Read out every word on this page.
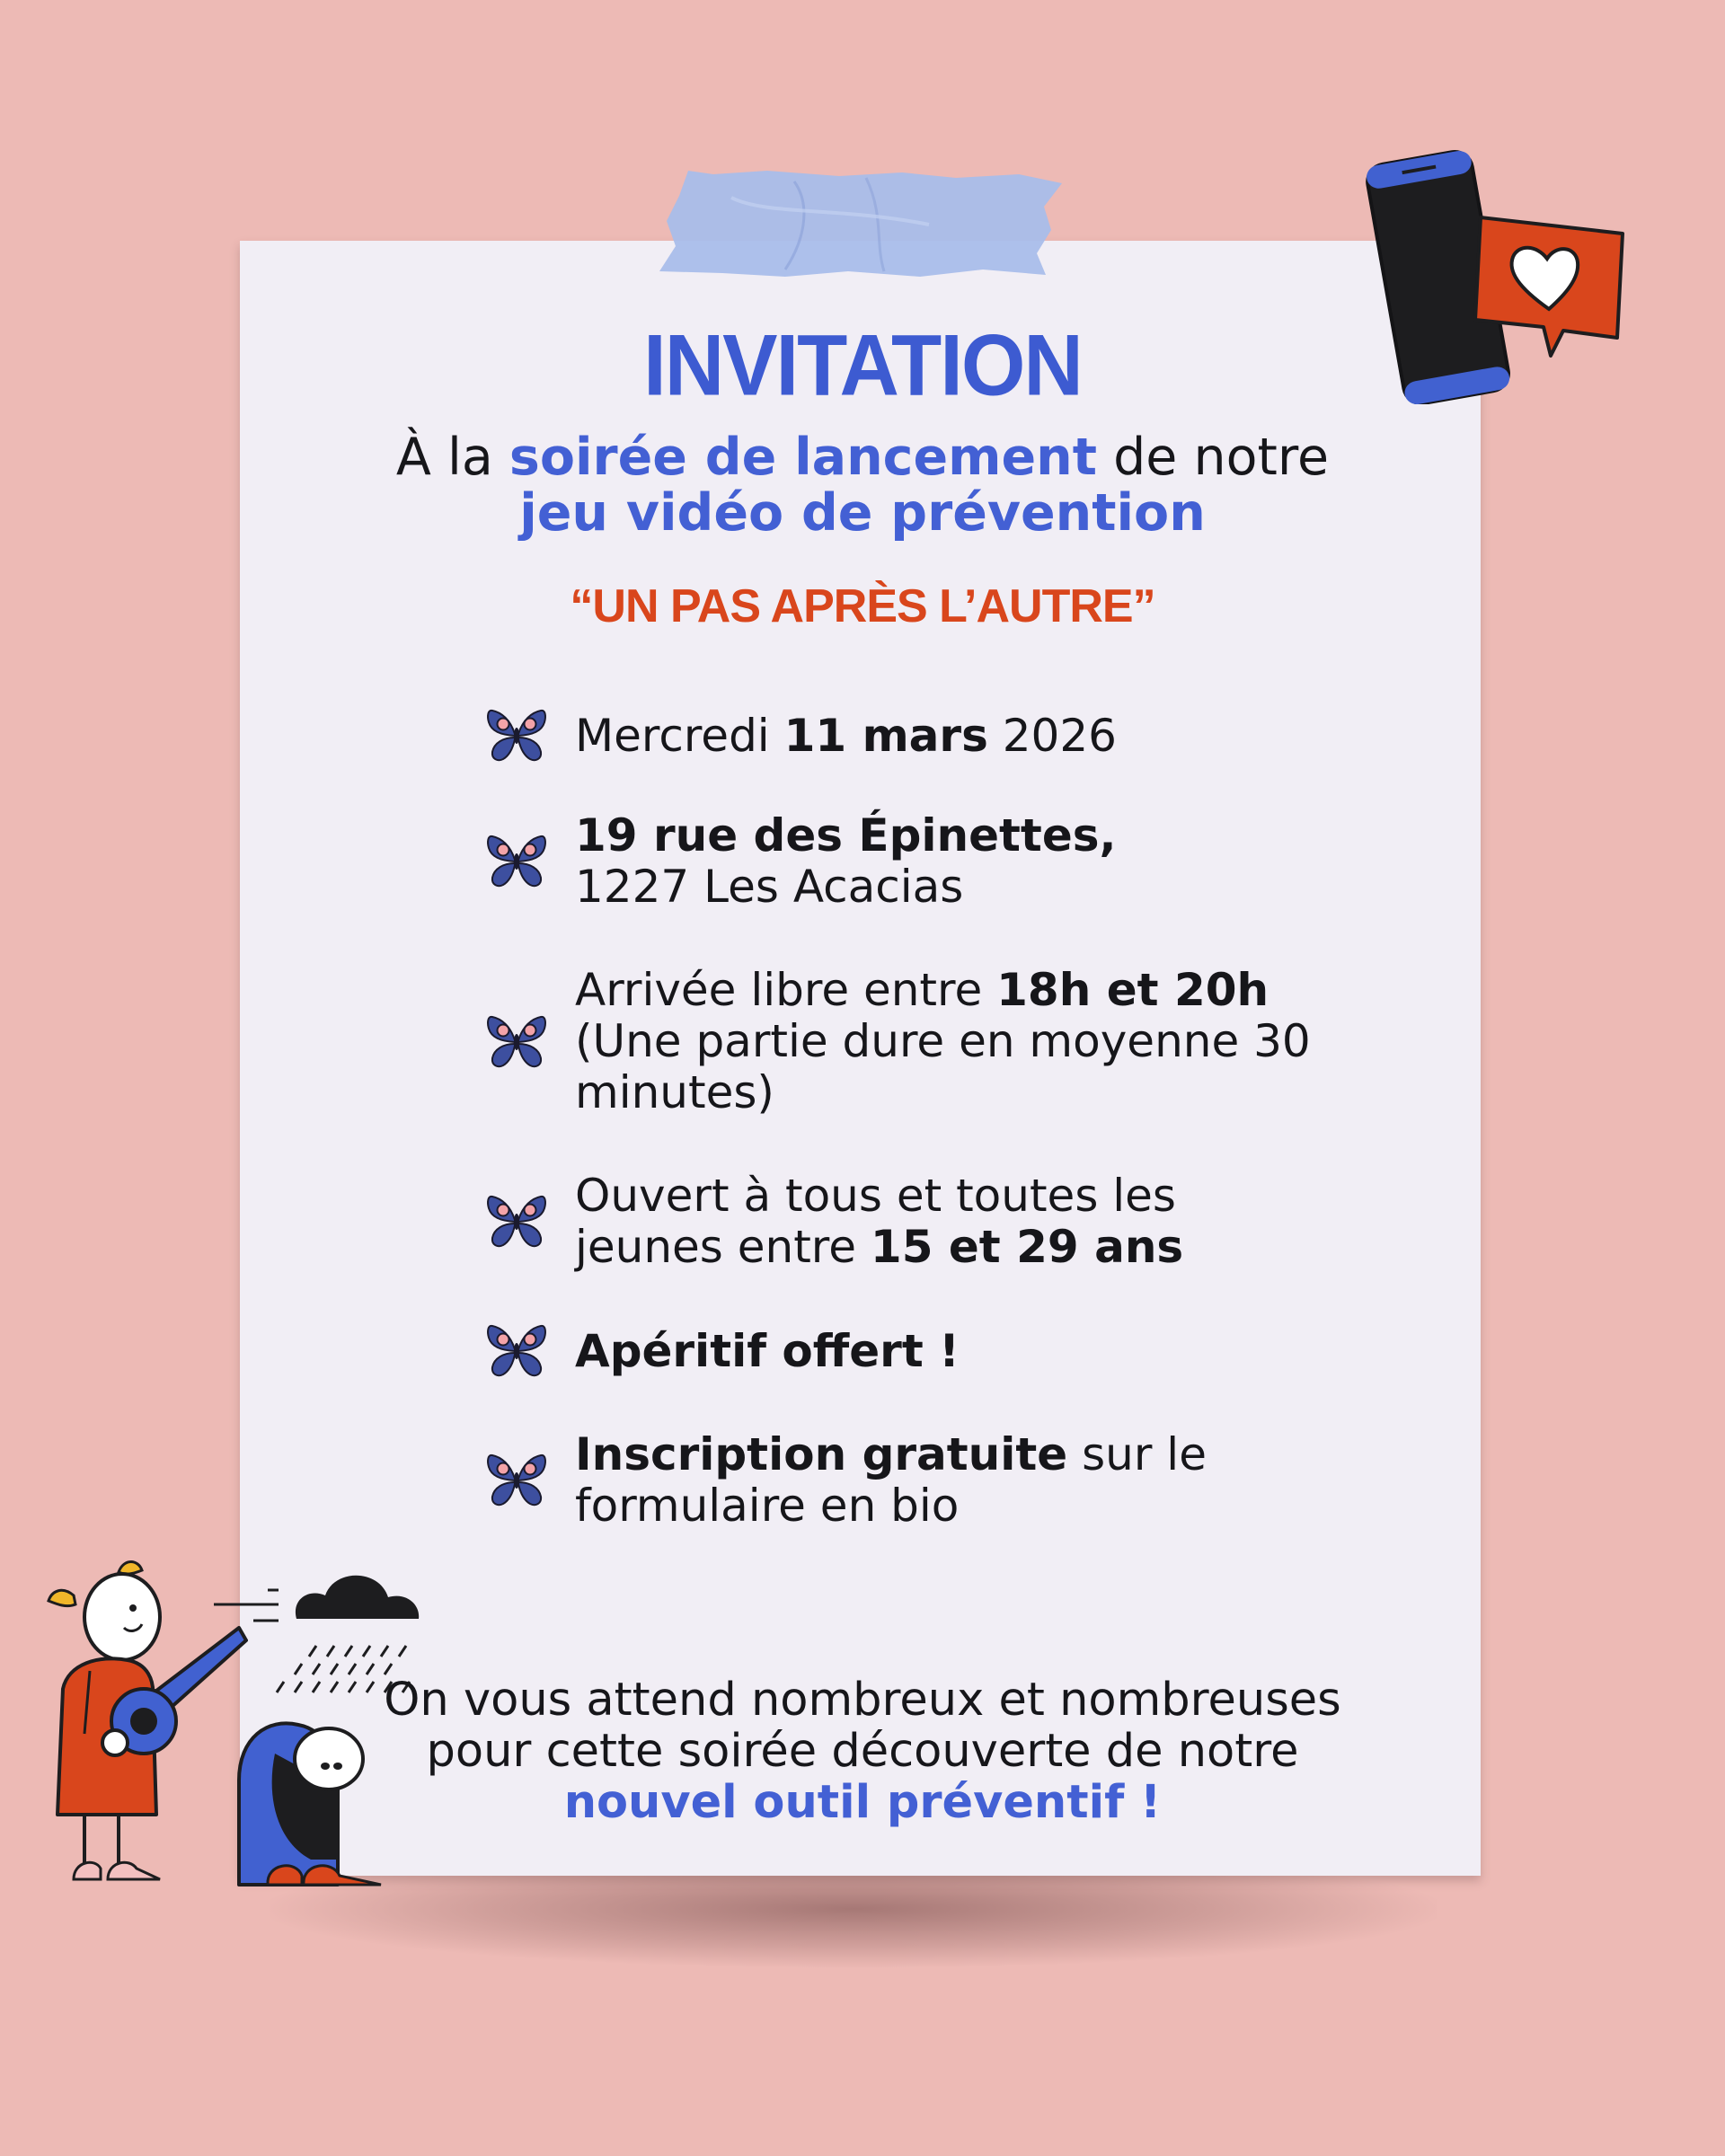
INVITATION
À la soirée de lancement de notre
jeu vidéo de prévention
“UN PAS APRÈS L’AUTRE”
Mercredi 11 mars 2026
19 rue des Épinettes, 1227 Les Acacias
Arrivée libre entre 18h et 20h (Une partie dure en moyenne 30 minutes)
Ouvert à tous et toutes les jeunes entre 15 et 29 ans
Apéritif offert !
Inscription gratuite sur le formulaire en bio
On vous attend nombreux et nombreuses
pour cette soirée découverte de notre
nouvel outil préventif !
